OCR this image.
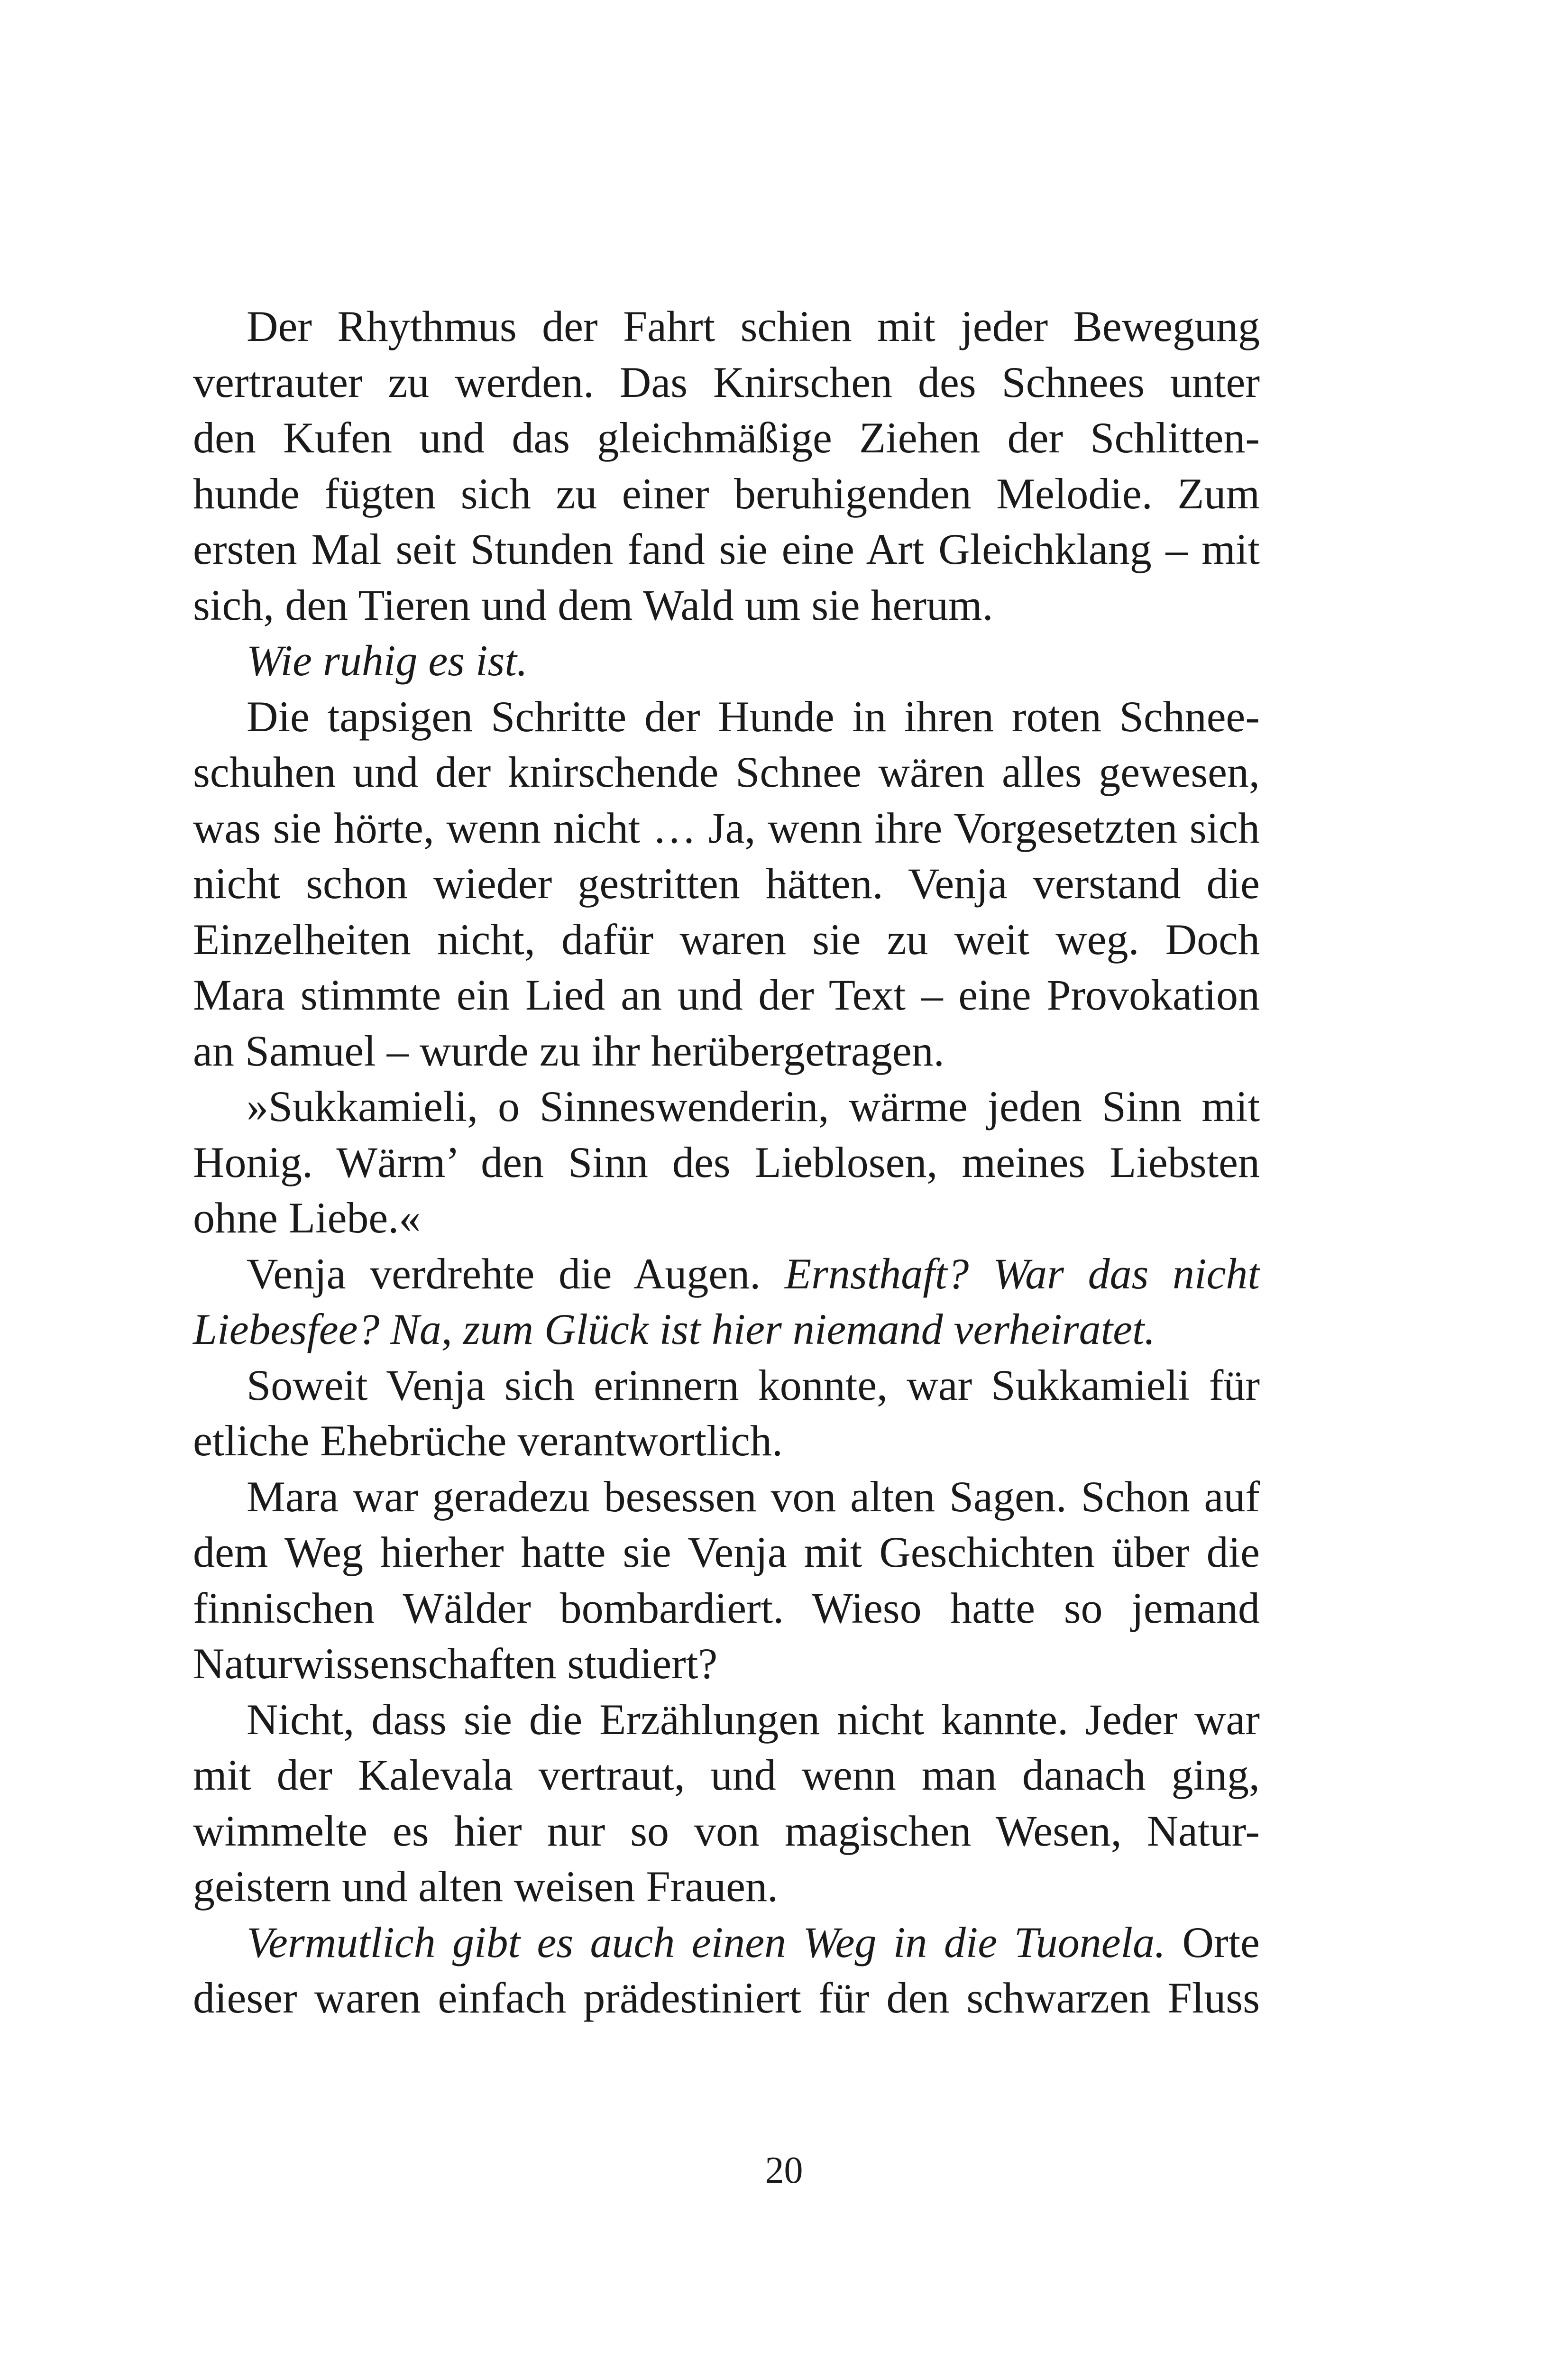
Der Rhythmus der Fahrt schien mit jeder Bewegung
vertrauter zu werden. Das Knirschen des Schnees unter
den Kufen und das gleichmäßige Ziehen der Schlitten-
hunde fügten sich zu einer beruhigenden Melodie. Zum
ersten Mal seit Stunden fand sie eine Art Gleichklang – mit
sich, den Tieren und dem Wald um sie herum.
Wie ruhig es ist.
Die tapsigen Schritte der Hunde in ihren roten Schnee-
schuhen und der knirschende Schnee wären alles gewesen,
was sie hörte, wenn nicht … Ja, wenn ihre Vorgesetzten sich
nicht schon wieder gestritten hätten. Venja verstand die
Einzelheiten nicht, dafür waren sie zu weit weg. Doch
Mara stimmte ein Lied an und der Text – eine Provokation
an Samuel – wurde zu ihr herübergetragen.
»Sukkamieli, o Sinneswenderin, wärme jeden Sinn mit
Honig. Wärm’ den Sinn des Lieblosen, meines Liebsten
ohne Liebe.«
Venja verdrehte die Augen. Ernsthaft? War das nicht
Liebesfee? Na, zum Glück ist hier niemand verheiratet.
Soweit Venja sich erinnern konnte, war Sukkamieli für
etliche Ehebrüche verantwortlich.
Mara war geradezu besessen von alten Sagen. Schon auf
dem Weg hierher hatte sie Venja mit Geschichten über die
finnischen Wälder bombardiert. Wieso hatte so jemand
Naturwissenschaften studiert?
Nicht, dass sie die Erzählungen nicht kannte. Jeder war
mit der Kalevala vertraut, und wenn man danach ging,
wimmelte es hier nur so von magischen Wesen, Natur-
geistern und alten weisen Frauen.
Vermutlich gibt es auch einen Weg in die Tuonela. Orte
dieser waren einfach prädestiniert für den schwarzen Fluss
20
